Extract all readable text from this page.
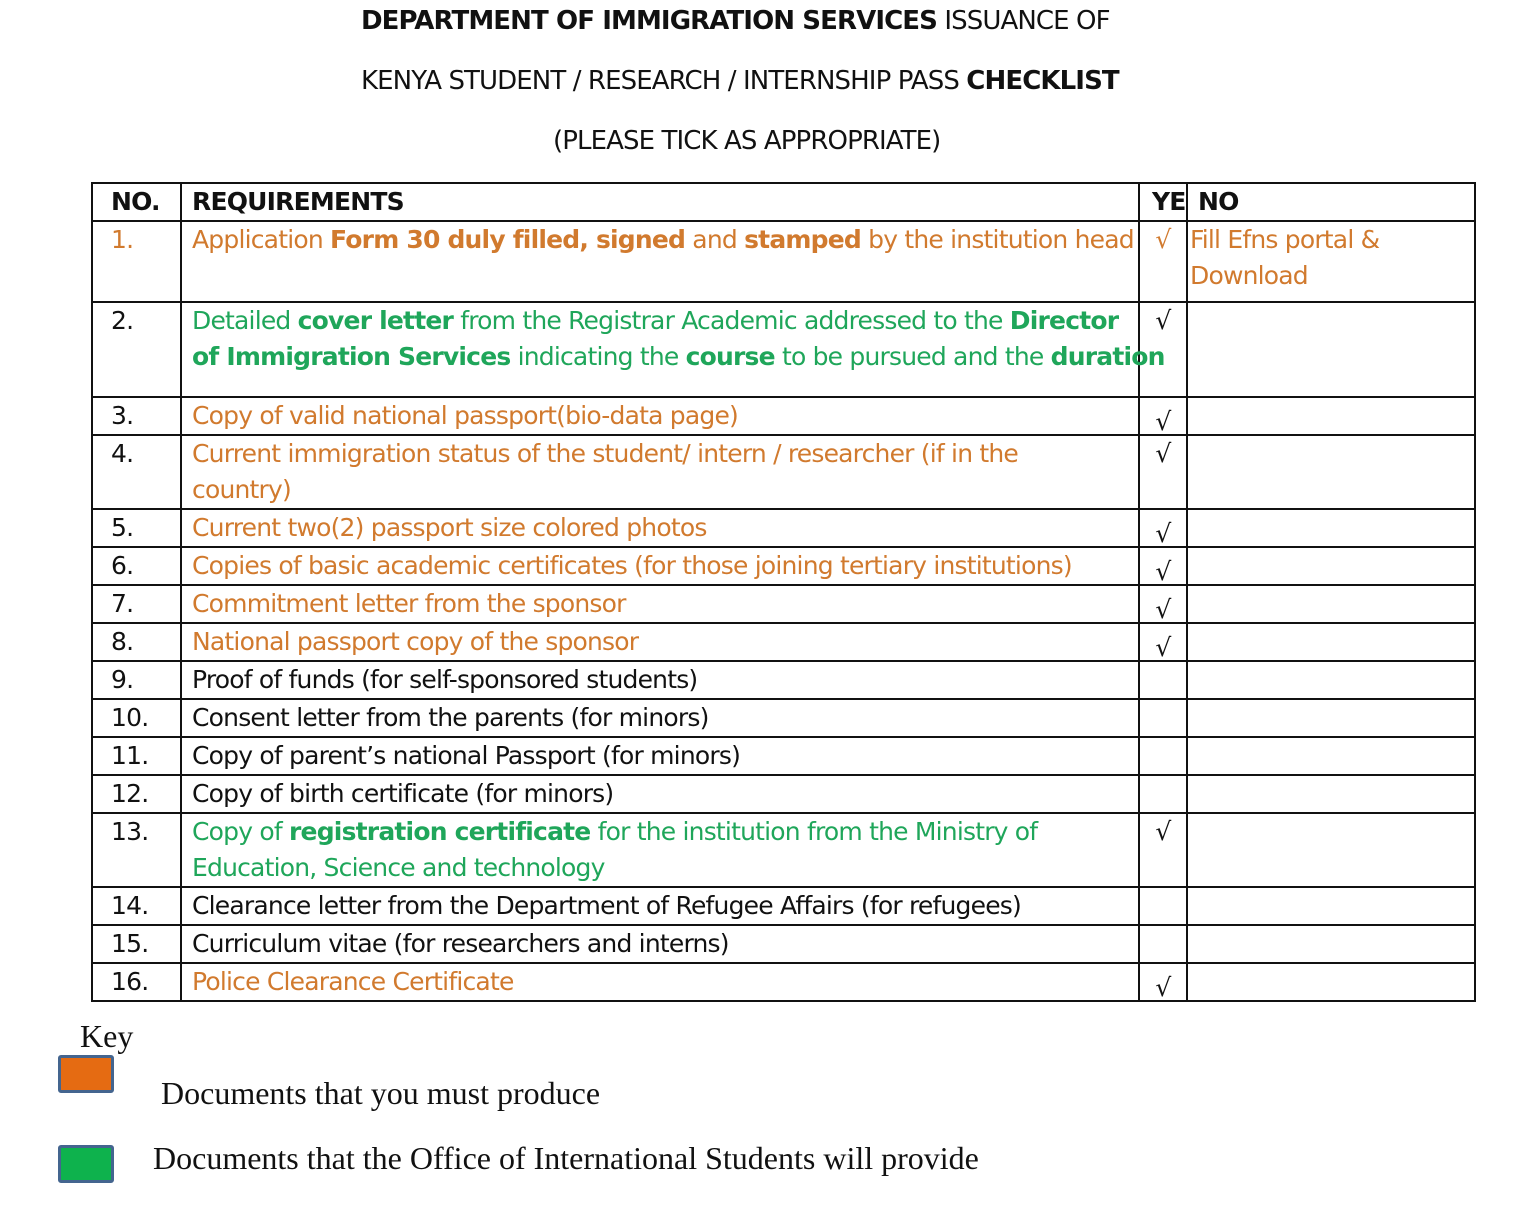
DEPARTMENT OF IMMIGRATION SERVICES ISSUANCE OF
KENYA STUDENT / RESEARCH / INTERNSHIP PASS CHECKLIST
(PLEASE TICK AS APPROPRIATE)
NO.	REQUIREMENTS	YE	NO
1.	Application Form 30 duly filled, signed and stamped by the institution head	√	Fill Efns portal &
Download

2.	Detailed cover letter from the Registrar Academic addressed to the Director
of Immigration Services indicating the course to be pursued and the duration	√	
3.	Copy of valid national passport(bio-data page)	√	
4.	Current immigration status of the student/ intern / researcher (if in the
country)	√	
5.	Current two(2) passport size colored photos	√	
6.	Copies of basic academic certificates (for those joining tertiary institutions)	√	
7.	Commitment letter from the sponsor	√	
8.	National passport copy of the sponsor	√	
9.	Proof of funds (for self-sponsored students)		

10.	Consent letter from the parents (for minors)		

11.	Copy of parent’s national Passport (for minors)		

12.	Copy of birth certificate (for minors)		

13.	Copy of registration certificate for the institution from the Ministry of
Education, Science and technology	√	
14.	Clearance letter from the Department of Refugee Affairs (for refugees)		

15.	Curriculum vitae (for researchers and interns)		

16.	Police Clearance Certificate	√	
Key
Documents that you must produce
Documents that the Office of International Students will provide
